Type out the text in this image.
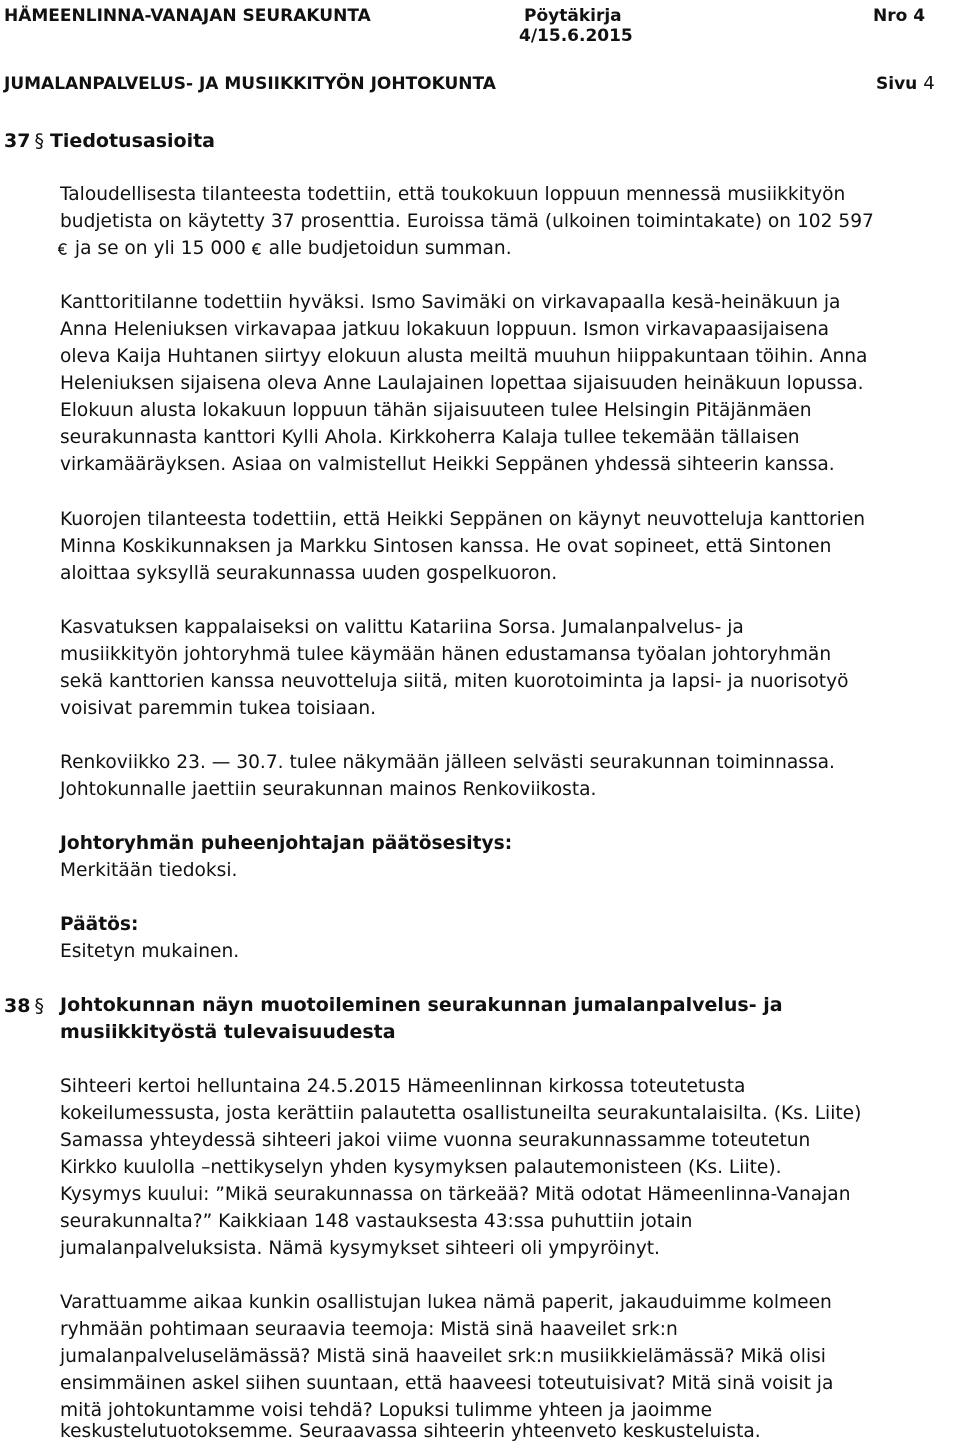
HÄMEENLINNA-VANAJAN SEURAKUNTA	Pöytäkirja	Nro 4
4/15.6.2015
JUMALANPALVELUS- JA MUSIIKKITYÖN JOHTOKUNTA	Sivu 4
37 § Tiedotusasioita
Taloudellisesta tilanteesta todettiin, että toukokuun loppuun mennessä musiikkityön
budjetista on käytetty 37 prosenttia. Euroissa tämä (ulkoinen toimintakate) on 102 597
ja se on yli 15 000 alle budjetoidun summan.
Kanttoritilanne todettiin hyväksi. Ismo Savimäki on virkavapaalla kesä-heinäkuun ja
Anna Heleniuksen virkavapaa jatkuu lokakuun loppuun. Ismon virkavapaasijaisena
oleva Kaija Huhtanen siirtyy elokuun alusta meiltä muuhun hiippakuntaan töihin. Anna
Heleniuksen sijaisena oleva Anne Laulajainen lopettaa sijaisuuden heinäkuun lopussa.
Elokuun alusta lokakuun loppuun tähän sijaisuuteen tulee Helsingin Pitäjänmäen
seurakunnasta kanttori Kylli Ahola. Kirkkoherra Kalaja tullee tekemään tällaisen
virkamääräyksen. Asiaa on valmistellut Heikki Seppänen yhdessä sihteerin kanssa.
Kuorojen tilanteesta todettiin, että Heikki Seppänen on käynyt neuvotteluja kanttorien
Minna Koskikunnaksen ja Markku Sintosen kanssa. He ovat sopineet, että Sintonen
aloittaa syksyllä seurakunnassa uuden gospelkuoron.
Kasvatuksen kappalaiseksi on valittu Katariina Sorsa. Jumalanpalvelus- ja
musiikkityön johtoryhmä tulee käymään hänen edustamansa työalan johtoryhmän
sekä kanttorien kanssa neuvotteluja siitä, miten kuorotoiminta ja lapsi- ja nuorisotyö
voisivat paremmin tukea toisiaan.
Renkoviikko 23. — 30.7. tulee näkymään jälleen selvästi seurakunnan toiminnassa.
Johtokunnalle jaettiin seurakunnan mainos Renkoviikosta.
Johtoryhmän puheenjohtajan päätösesitys:
Merkitään tiedoksi.
Päätös:
Esitetyn mukainen.
38 § Johtokunnan näyn muotoileminen seurakunnan jumalanpalvelus- ja
musiikkityöstä tulevaisuudesta
Sihteeri kertoi helluntaina 24.5.2015 Hämeenlinnan kirkossa toteutetusta
kokeilumessusta, josta kerättiin palautetta osallistuneilta seurakuntalaisilta. (Ks. Liite)
Samassa yhteydessä sihteeri jakoi viime vuonna seurakunnassamme toteutetun
Kirkko kuulolla –nettikyselyn yhden kysymyksen palautemonisteen (Ks. Liite).
Kysymys kuului: ”Mikä seurakunnassa on tärkeää? Mitä odotat Hämeenlinna-Vanajan
seurakunnalta?” Kaikkiaan 148 vastauksesta 43:ssa puhuttiin jotain
jumalanpalveluksista. Nämä kysymykset sihteeri oli ympyröinyt.
Varattuamme aikaa kunkin osallistujan lukea nämä paperit, jakauduimme kolmeen
ryhmään pohtimaan seuraavia teemoja: Mistä sinä haaveilet srk:n
jumalanpalveluselämässä? Mistä sinä haaveilet srk:n musiikkielämässä? Mikä olisi
ensimmäinen askel siihen suuntaan, että haaveesi toteutuisivat? Mitä sinä voisit ja
mitä johtokuntamme voisi tehdä? Lopuksi tulimme yhteen ja jaoimme
keskustelutuotoksemme. Seuraavassa sihteerin yhteenveto keskusteluista.
